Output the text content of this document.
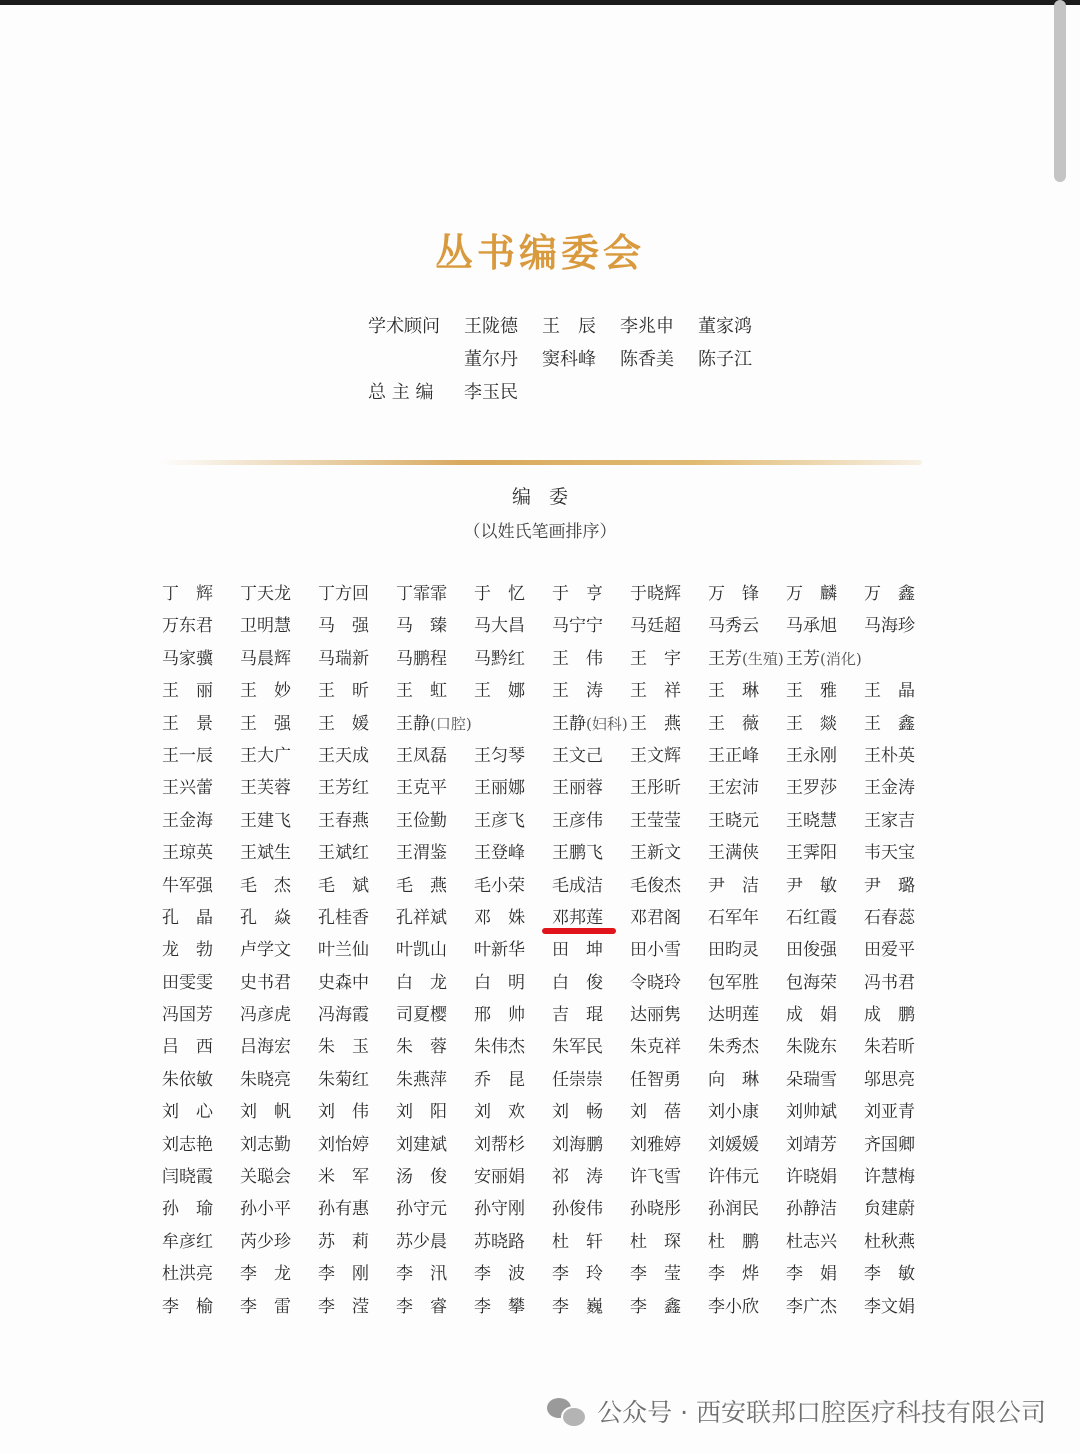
丛书编委会
学术顾问	王陇德	王　辰	李兆申	董家鸿
董尔丹	窦科峰	陈香美	陈子江
总 主 编	李玉民
编委
（以姓氏笔画排序）
丁　辉	丁天龙	丁方回	丁霏霏	于　忆	于　亨	于晓辉	万　锋	万　麟	万　鑫
万东君	卫明慧	马　强	马　臻	马大昌	马宁宁	马廷超	马秀云	马承旭	马海珍
马家骥	马晨辉	马瑞新	马鹏程	马黔红	王　伟	王　宇	王芳(生殖) 王芳(消化)
王　丽	王　妙	王　昕	王　虹	王　娜	王　涛	王　祥	王　琳	王　雅	王　晶
王　景	王　强	王　媛	王静(口腔)	王静(妇科) 王　燕	王　薇	王　燚	王　鑫
王一辰	王大广	王天成	王凤磊	王匀琴	王文己	王文辉	王正峰	王永刚	王朴英
王兴蕾	王芙蓉	王芳红	王克平	王丽娜	王丽蓉	王彤昕	王宏沛	王罗莎	王金涛
王金海	王建飞	王春燕	王俭勤	王彦飞	王彦伟	王莹莹	王晓元	王晓慧	王家吉
王琼英	王斌生	王斌红	王渭鉴	王登峰	王鹏飞	王新文	王满侠	王霁阳	韦天宝
牛军强	毛　杰	毛　斌	毛　燕	毛小荣	毛成洁	毛俊杰	尹　洁	尹　敏	尹　璐
孔　晶	孔　焱	孔桂香	孔祥斌	邓　姝	邓邦莲	邓君阁	石军年	石红霞	石春蕊
龙　勃	卢学文	叶兰仙	叶凯山	叶新华	田　坤	田小雪	田昀灵	田俊强	田爱平
田雯雯	史书君	史森中	白　龙	白　明	白　俊	令晓玲	包军胜	包海荣	冯书君
冯国芳	冯彦虎	冯海霞	司夏樱	邢　帅	吉　琨	达丽隽	达明莲	成　娟	成　鹏
吕　西	吕海宏	朱　玉	朱　蓉	朱伟杰	朱军民	朱克祥	朱秀杰	朱陇东	朱若昕
朱依敏	朱晓亮	朱菊红	朱燕萍	乔　昆	任崇崇	任智勇	向　琳	朵瑞雪	邬思亮
刘　心	刘　帆	刘　伟	刘　阳	刘　欢	刘　畅	刘　蓓	刘小康	刘帅斌	刘亚青
刘志艳	刘志勤	刘怡婷	刘建斌	刘帮杉	刘海鹏	刘雅婷	刘媛媛	刘靖芳	齐国卿
闫晓霞	关聪会	米　军	汤　俊	安丽娟	祁　涛	许飞雪	许伟元	许晓娟	许慧梅
孙　瑜	孙小平	孙有惠	孙守元	孙守刚	孙俊伟	孙晓彤	孙润民	孙静洁	贠建蔚
牟彦红	芮少珍	苏　莉	苏少晨	苏晓路	杜　轩	杜　琛	杜　鹏	杜志兴	杜秋燕
杜洪亮	李　龙	李　刚	李　汛	李　波	李　玲	李　莹	李　烨	李　娟	李　敏
李　榆	李　雷	李　滢	李　睿	李　攀	李　巍	李　鑫	李小欣	李广杰	李文娟
公众号 ·
西安联邦口腔医疗科技有限公司
